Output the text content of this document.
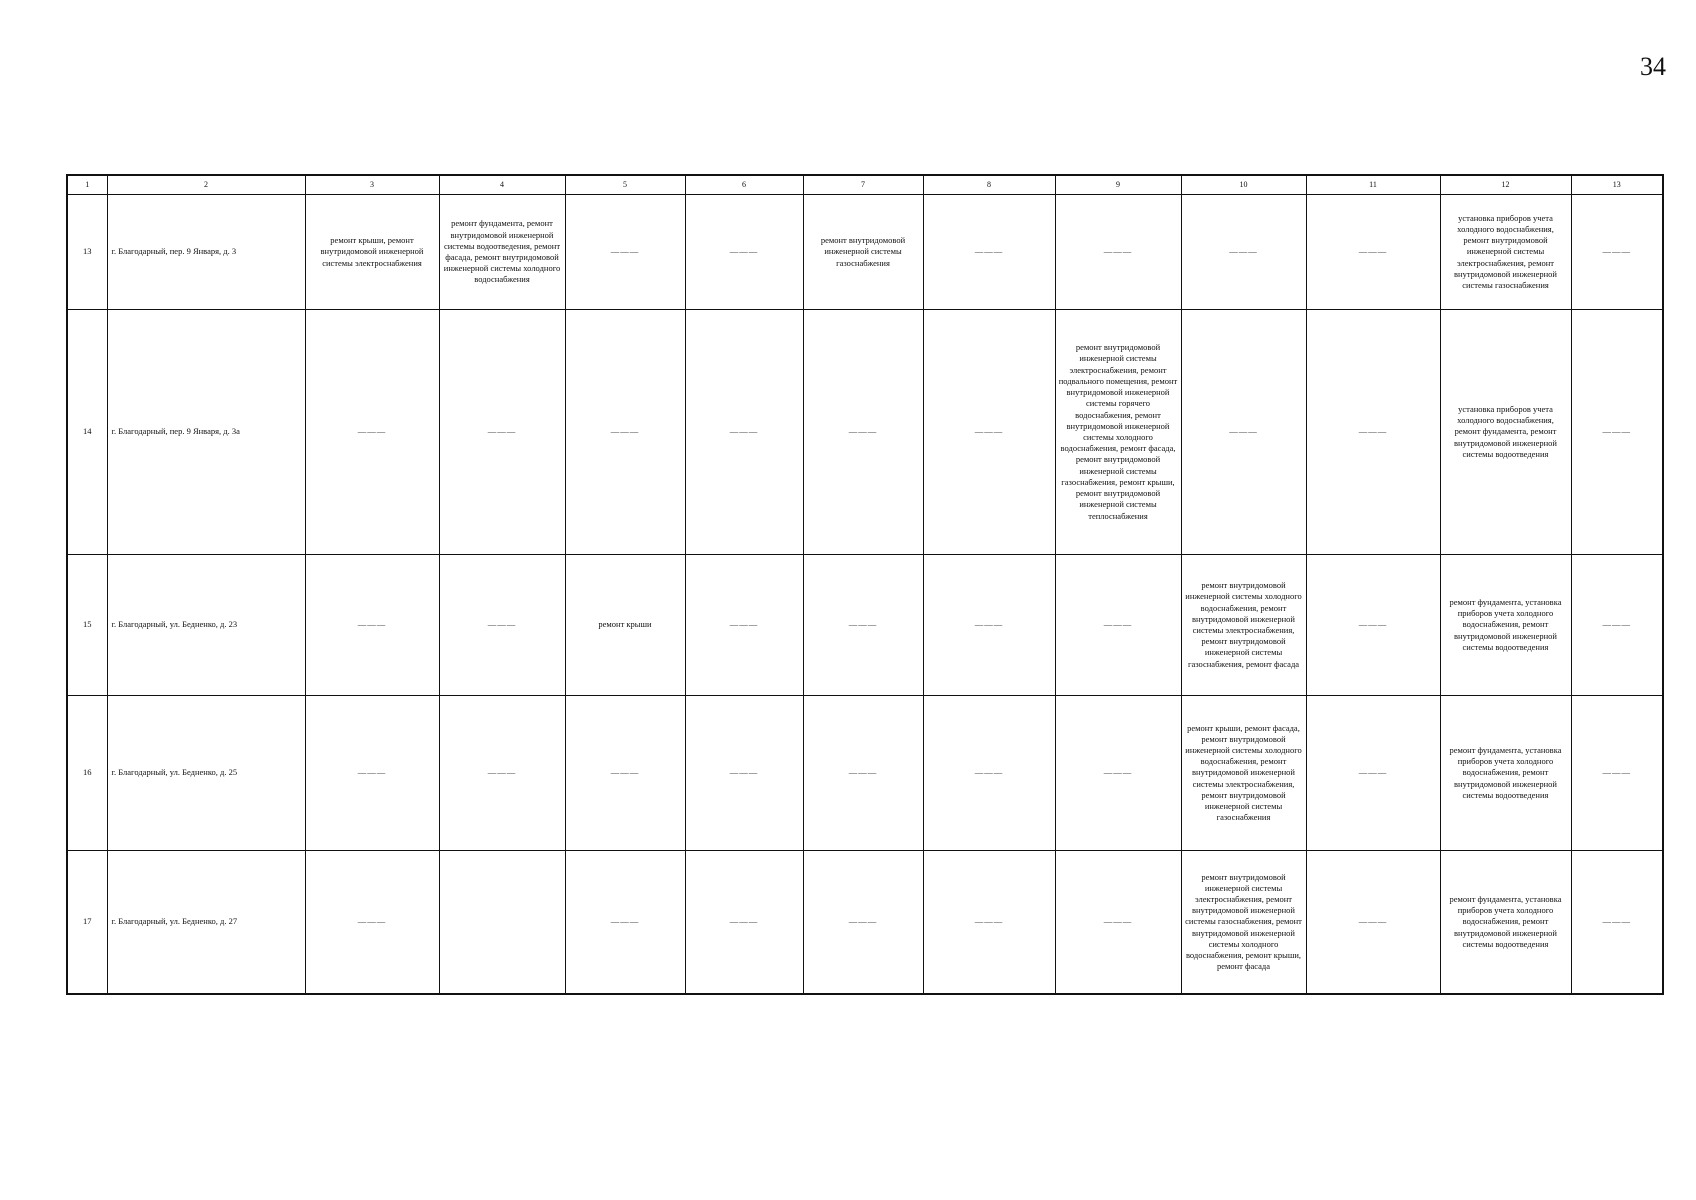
34
1	2	3	4	5	6	7	8	9	10	11	12	13
13	г. Благодарный, пер. 9 Января, д. 3	ремонт крыши, ремонт внутридомовой инженерной системы электроснабжения	ремонт фундамента, ремонт внутридомовой инженерной системы водоотведения, ремонт фасада, ремонт внутридомовой инженерной системы холодного водоснабжения	———	———	ремонт внутридомовой инженерной системы газоснабжения	———	———	———	———	установка приборов учета холодного водоснабжения, ремонт внутридомовой инженерной системы электроснабжения, ремонт внутридомовой инженерной системы газоснабжения	———
14	г. Благодарный, пер. 9 Января, д. 3а	———	———	———	———	———	———	ремонт внутридомовой инженерной системы электроснабжения, ремонт подвального помещения, ремонт внутридомовой инженерной системы горячего водоснабжения, ремонт внутридомовой инженерной системы холодного водоснабжения, ремонт фасада, ремонт внутридомовой инженерной системы газоснабжения, ремонт крыши, ремонт внутридомовой инженерной системы теплоснабжения	———	———	установка приборов учета холодного водоснабжения, ремонт фундамента, ремонт внутридомовой инженерной системы водоотведения	———
15	г. Благодарный, ул. Бедненко, д. 23	———	———	ремонт крыши	———	———	———	———	ремонт внутридомовой инженерной системы холодного водоснабжения, ремонт внутридомовой инженерной системы электроснабжения, ремонт внутридомовой инженерной системы газоснабжения, ремонт фасада	———	ремонт фундамента, установка приборов учета холодного водоснабжения, ремонт внутридомовой инженерной системы водоотведения	———
16	г. Благодарный, ул. Бедненко, д. 25	———	———	———	———	———	———	———	ремонт крыши, ремонт фасада, ремонт внутридомовой инженерной системы холодного водоснабжения, ремонт внутридомовой инженерной системы электроснабжения, ремонт внутридомовой инженерной системы газоснабжения	———	ремонт фундамента, установка приборов учета холодного водоснабжения, ремонт внутридомовой инженерной системы водоотведения	———
17	г. Благодарный, ул. Бедненко, д. 27	———		———	———	———	———	———	ремонт внутридомовой инженерной системы электроснабжения, ремонт внутридомовой инженерной системы газоснабжения, ремонт внутридомовой инженерной системы холодного водоснабжения, ремонт крыши, ремонт фасада	———	ремонт фундамента, установка приборов учета холодного водоснабжения, ремонт внутридомовой инженерной системы водоотведения	———
